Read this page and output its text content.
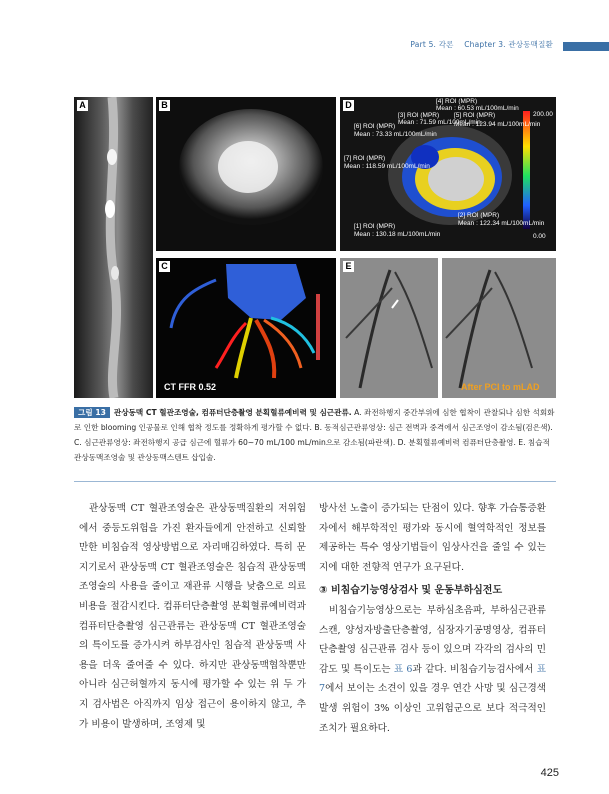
Part 5. 각론 Chapter 3. 관상동맥질환
A	B	D	[4] ROI (MPR)
Mean : 60.53 mL/100mL/min
[3] ROI (MPR)
Mean : 71.59 mL/100mL/min
[5] ROI (MPR)
Mean : 123.94 mL/100mL/min
[6] ROI (MPR)
Mean : 73.33 mL/100mL/min
[7] ROI (MPR)
Mean : 118.59 mL/100mL/min
[2] ROI (MPR)
Mean : 122.34 mL/100mL/min
[1] ROI (MPR)
Mean : 130.18 mL/100mL/min
200.00
0.00
C
CT FFR 0.52
E
After PCI to mLAD
그림 13 관상동맥 CT 혈관조영술, 컴퓨터단층촬영 분획혈류예비력 및 심근관류. A. 좌전하행지 중간부위에 심한 협착이 관찰되나 심한 석회화로 인한 blooming 인공물로 인해 협착 정도를 정확하게 평가할 수 없다. B. 동적심근관류영상: 심근 전벽과 중격에서 심근조영이 감소됨(검은색). C. 심근관류영상: 좌전하행지 공급 심근에 혈류가 60~70 mL/100 mL/min으로 감소됨(파란색). D. 분획혈류예비력 컴퓨터단층촬영. E. 침습적 관상동맥조영술 및 관상동맥스텐트 삽입술.

관상동맥 CT 혈관조영술은 관상동맥질환의 저위험에서 중등도위험을 가진 환자들에게 안전하고 신뢰할 만한 비침습적 영상방법으로 자리매김하였다. 특히 문지기로서 관상동맥 CT 혈관조영술은 침습적 관상동맥조영술의 사용을 줄이고 재관류 시행을 낮춤으로 의료 비용을 절감시킨다. 컴퓨터단층촬영 분획혈류예비력과 컴퓨터단층촬영 심근관류는 관상동맥 CT 혈관조영술의 특이도를 증가시켜 하부검사인 침습적 관상동맥 사용을 더욱 줄여줄 수 있다. 하지만 관상동맥협착뿐만 아니라 심근허혈까지 동시에 평가할 수 있는 위 두 가지 검사법은 아직까지 임상 접근이 용이하지 않고, 추가 비용이 발생하며, 조영제 및

방사선 노출이 증가되는 단점이 있다. 향후 가슴통증환자에서 해부학적인 평가와 동시에 혈역학적인 정보를 제공하는 특수 영상기법들이 임상사건을 줄일 수 있는지에 대한 전향적 연구가 요구된다.

③ 비침습기능영상검사 및 운동부하심전도

비침습기능영상으로는 부하심초음파, 부하심근관류스캔, 양성자방출단층촬영, 심장자기공명영상, 컴퓨터단층촬영 심근관류 검사 등이 있으며 각각의 검사의 민감도 및 특이도는 표 6과 같다. 비침습기능검사에서 표 7에서 보이는 소견이 있을 경우 연간 사망 및 심근경색 발생 위험이 3% 이상인 고위험군으로 보다 적극적인 조치가 필요하다.

425
